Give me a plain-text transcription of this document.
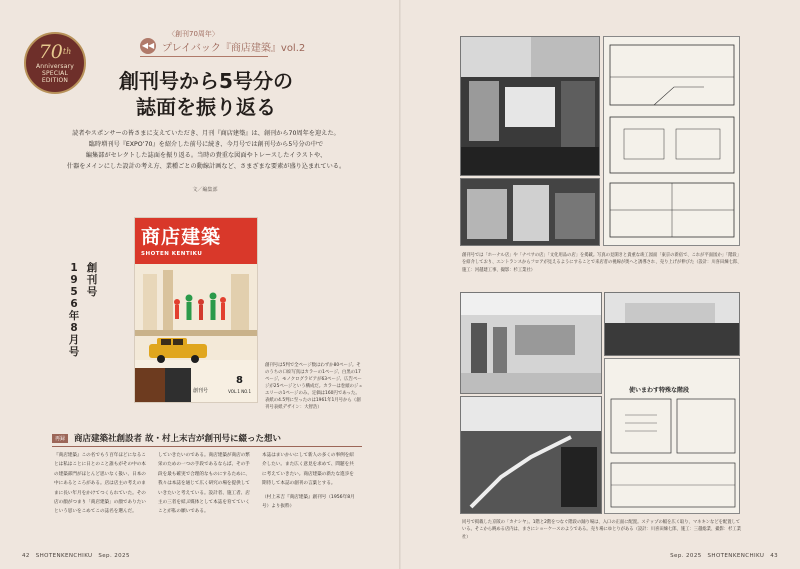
70th
Anniversary
SPECIAL
EDITION
〈創刊70周年〉
◀◀ プレイバック『商店建築』vol.2
創刊号から5号分の
誌面を振り返る
読者やスポンサーの皆さまに支えていただき、月刊『商店建築』は、創刊から70周年を迎えた。
臨時増刊号『EXPO’70』を紹介した前号に続き、今月号では創刊号から5号分の中で
編集部がセレクトした誌面を振り返る。当時の貴重な図面やトレースしたイラストや、
什器をメインにした設計の考え方、業種ごとの動線計画など、さまざまな要素が盛り込まれている。
文／編集部
創
刊
号
1
9
5
6
年
8
月
号
商店建築
SHOTEN KENTIKU
8
VOL.1 NO.1
創刊号
創刊号は5判で全ページ数はわずか80ページ。そのうちの口絵写真はカラーの1ページ、白黒の17ページ、モノクログラビアが63ページ、広告ページが25ページという構成だ。カラーは巻頭のジュエリーの1ページのみ。定価は160円であった。表紙の4.5判に至ったのは1961年1月号から（創刊号表紙デザイン：大智浩）
再録	商店建築社創設者 故・村上末吉が創刊号に綴った想い
『商店建築』この名でもう百年ほどになることは私はことに日とのこと誰もがその中の本の建築部門がほとんど思いなく扱い、日本の中にあるところがある。店は店主の考えのままに長い年月をかけてつくられていた。その店の顔がつまり「商店建築」の顔でありたいという思いをこめてこの誌名を選んだ。
していきたいのである。商店建築が商店の繁栄のための一つの手段であるならば、その手段を最も確実で合理的なものにするために、我々は本誌を通じて広く研究の場を提供していきたいと考えている。設計者、施工者、店主の三者を結ぶ媒体として本誌を育てていくことが私の願いである。
本誌はまいかいにして新人の多くの事例を紹介したい。また広く意見を求めて、問題を共に考えていきたい。商店建築の新たな進歩を期待して本誌の創刊の言葉とする。
（村上末吉『商店建築』創刊号（1956年8月号）より抜粋）
42　SHOTENKENCHIKU　Sep. 2025	Sep. 2025　SHOTENKENCHIKU　43
創刊号では「ホーナル店」や「ナベサの店」「文化用品の店」を掲載。写真の見開きと貴重な竣工図面「東京の新宿で、これが平面図か」「階段」を紹介しており、エントランスからフロアが見えるようにすることで来店者の視線が奥へと誘導され、売り上げが伸びた（設計：川喜田煉七郎、施工：河越建工事、撮影：杉工業社）
使いまわす特殊な階段
同号で掲載した京阪の「カナシヤ」。1階と2階をつなぐ階段の踊り場は、入口の正面に配置。ステップの幅を広く取り、マネキンなどを配置している。そこから眺める店内は、まさにショーケースのようである。売り場にゆとりがある（設計：川喜田煉七郎、施工：三越総業、撮影：杉工業社）
